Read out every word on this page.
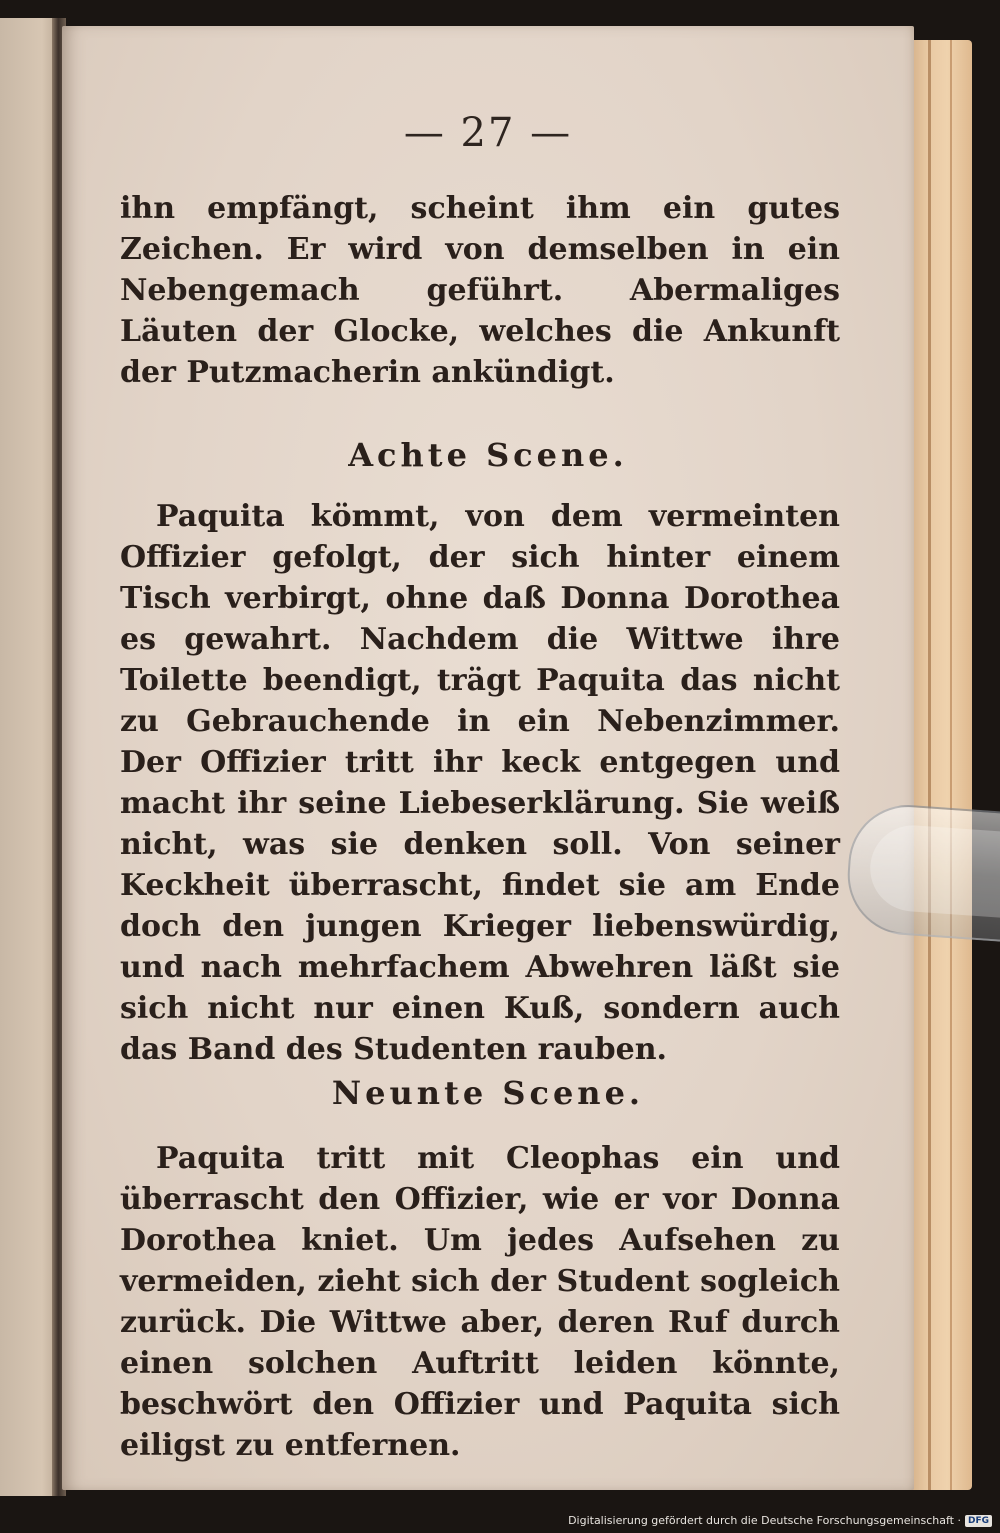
— 27 —

ihn empfängt, scheint ihm ein gutes Zeichen. Er wird von demselben in ein Nebengemach geführt. Abermaliges Läuten der Glocke, welches die Ankunft der Putzmacherin ankündigt.

Achte Scene.

Paquita kömmt, von dem vermeinten Offizier gefolgt, der sich hinter einem Tisch verbirgt, ohne daß Donna Dorothea es gewahrt. Nachdem die Wittwe ihre Toilette beendigt, trägt Paquita das nicht zu Gebrauchende in ein Nebenzimmer. Der Offizier tritt ihr keck entgegen und macht ihr seine Liebeserklärung. Sie weiß nicht, was sie denken soll. Von seiner Keckheit überrascht, findet sie am Ende doch den jungen Krieger liebenswürdig, und nach mehrfachem Abwehren läßt sie sich nicht nur einen Kuß, sondern auch das Band des Studenten rauben.

Neunte Scene.

Paquita tritt mit Cleophas ein und überrascht den Offizier, wie er vor Donna Dorothea kniet. Um jedes Aufsehen zu vermeiden, zieht sich der Student sogleich zurück. Die Wittwe aber, deren Ruf durch einen solchen Auftritt leiden könnte, beschwört den Offizier und Paquita sich eiligst zu entfernen.

Digitalisierung gefördert durch die Deutsche Forschungsgemeinschaft · DFG
